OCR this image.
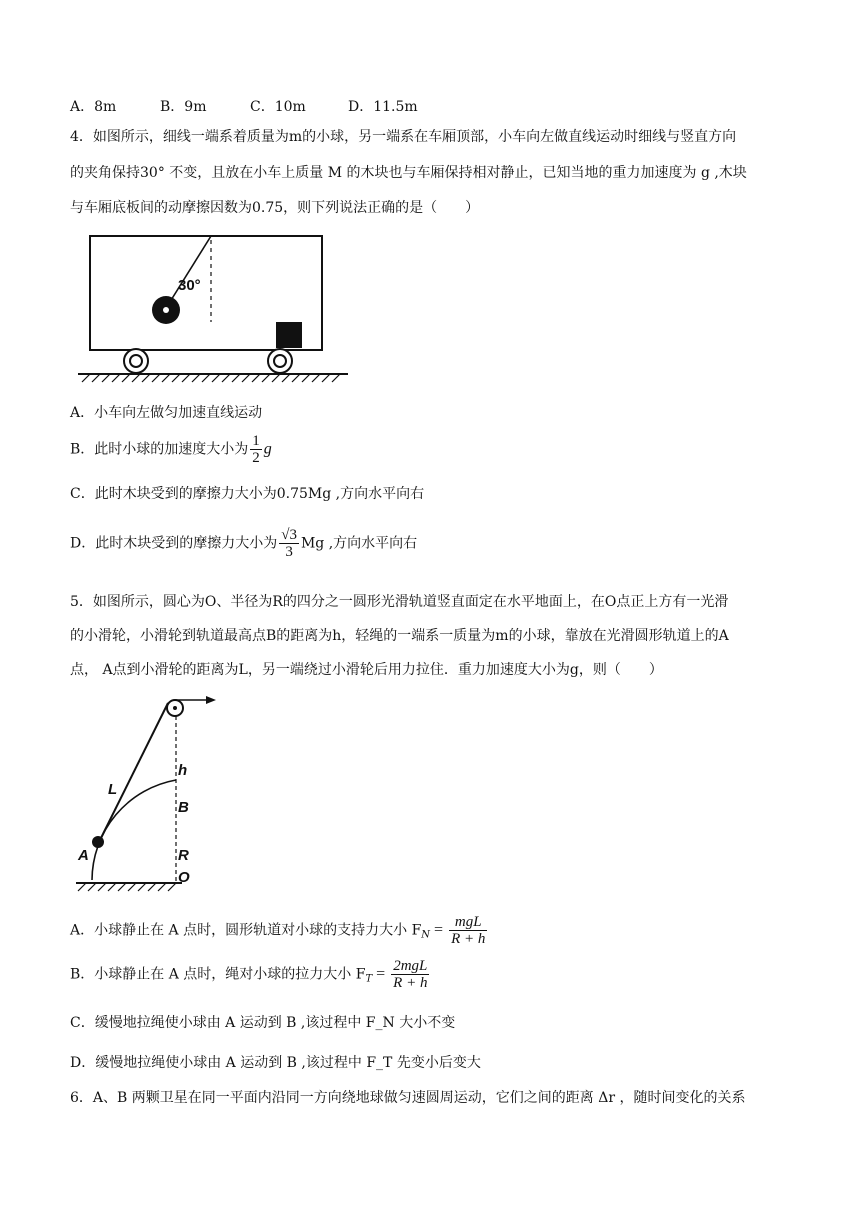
A．8m	B．9m	C．10m	D．11.5m
4．如图所示，细线一端系着质量为m的小球，另一端系在车厢顶部，小车向左做直线运动时细线与竖直方向
的夹角保持30° 不变，且放在小车上质量 M 的木块也与车厢保持相对静止，已知当地的重力加速度为 g ,木块
与车厢底板间的动摩擦因数为0.75，则下列说法正确的是（　　）
30°
A．小车向左做匀加速直线运动
B．此时小球的加速度大小为 $\frac{1}{2}$ g
C．此时木块受到的摩擦力大小为0.75Mg ,方向水平向右
D．此时木块受到的摩擦力大小为 $\frac{√3}{3}$ Mg ,方向水平向右
5．如图所示，圆心为O、半径为R的四分之一圆形光滑轨道竖直面定在水平地面上，在O点正上方有一光滑
的小滑轮，小滑轮到轨道最高点B的距离为h，轻绳的一端系一质量为m的小球，靠放在光滑圆形轨道上的A
点， A点到小滑轮的距离为L，另一端绕过小滑轮后用力拉住．重力加速度大小为g，则（　　）
h
L
B
A	R
O
A．小球静止在 A 点时，圆形轨道对小球的支持力大小 $F_N = \frac{\text{mgL}}{R + h}$
B．小球静止在 A 点时，绳对小球的拉力大小 $F_T = \frac{\text{2mgL}}{R + h}$
C．缓慢地拉绳使小球由 A 运动到 B ,该过程中 F_N 大小不变
D．缓慢地拉绳使小球由 A 运动到 B ,该过程中 F_T 先变小后变大
6．A、B 两颗卫星在同一平面内沿同一方向绕地球做匀速圆周运动，它们之间的距离 Δr ，随时间变化的关系
